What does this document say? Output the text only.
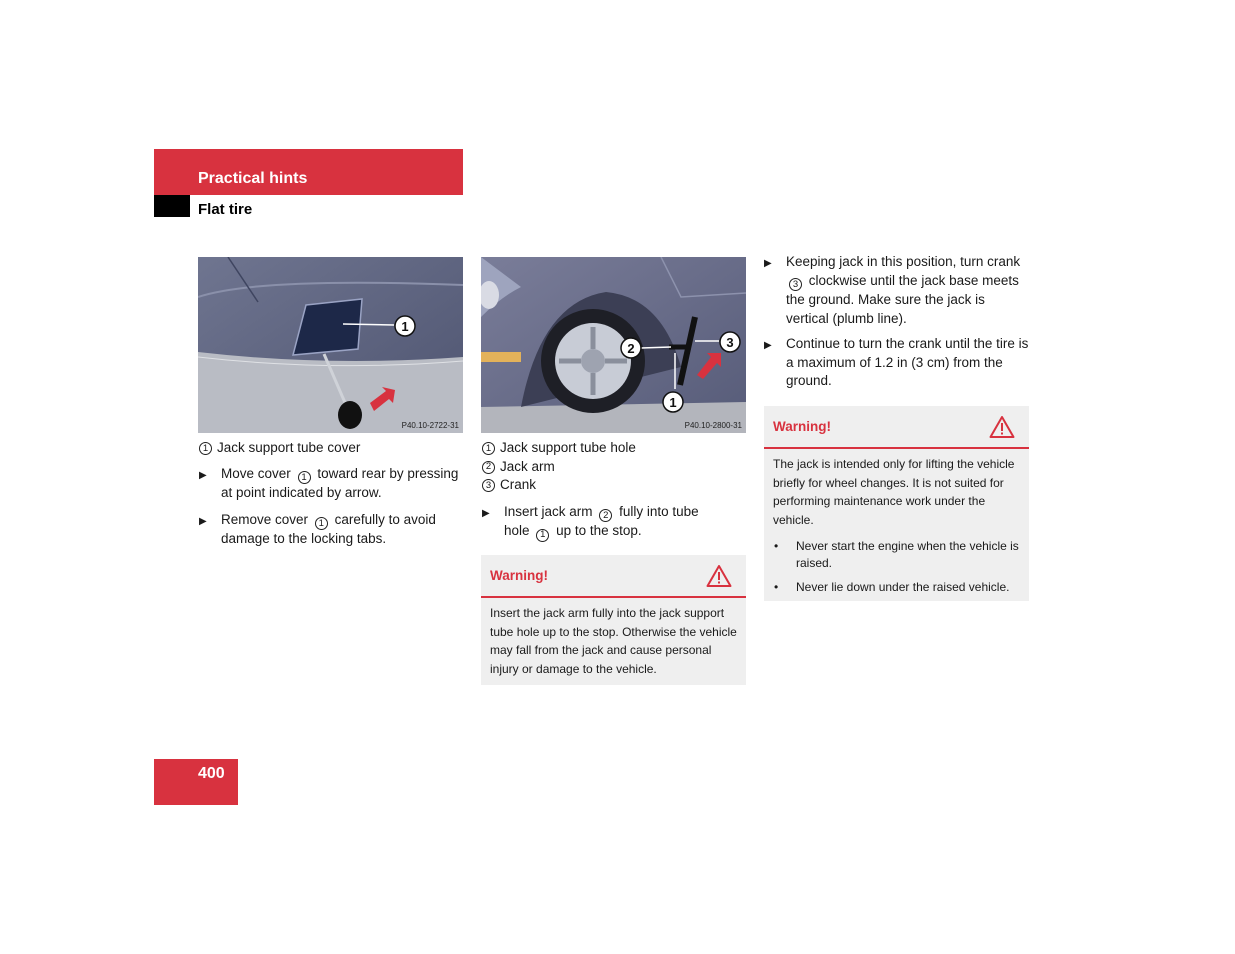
Practical hints
Flat tire
1
P40.10-2722-31
2	3
1
P40.10-2800-31
1 Jack support tube cover
▶	Move cover 1 toward rear by pressing at point indicated by arrow.
▶	Remove cover 1 carefully to avoid damage to the locking tabs.
1 Jack support tube hole
2 Jack arm
3 Crank
▶	Insert jack arm 2 fully into tube hole 1 up to the stop.
Warning!
Insert the jack arm fully into the jack support tube hole up to the stop. Otherwise the vehicle may fall from the jack and cause personal injury or damage to the vehicle.
▶	Keeping jack in this position, turn crank 3 clockwise until the jack base meets the ground. Make sure the jack is vertical (plumb line).
▶	Continue to turn the crank until the tire is a maximum of 1.2 in (3 cm) from the ground.
Warning!
The jack is intended only for lifting the vehicle briefly for wheel changes. It is not suited for performing maintenance work under the vehicle.
•	Never start the engine when the vehicle is raised.
•	Never lie down under the raised vehicle.
400
